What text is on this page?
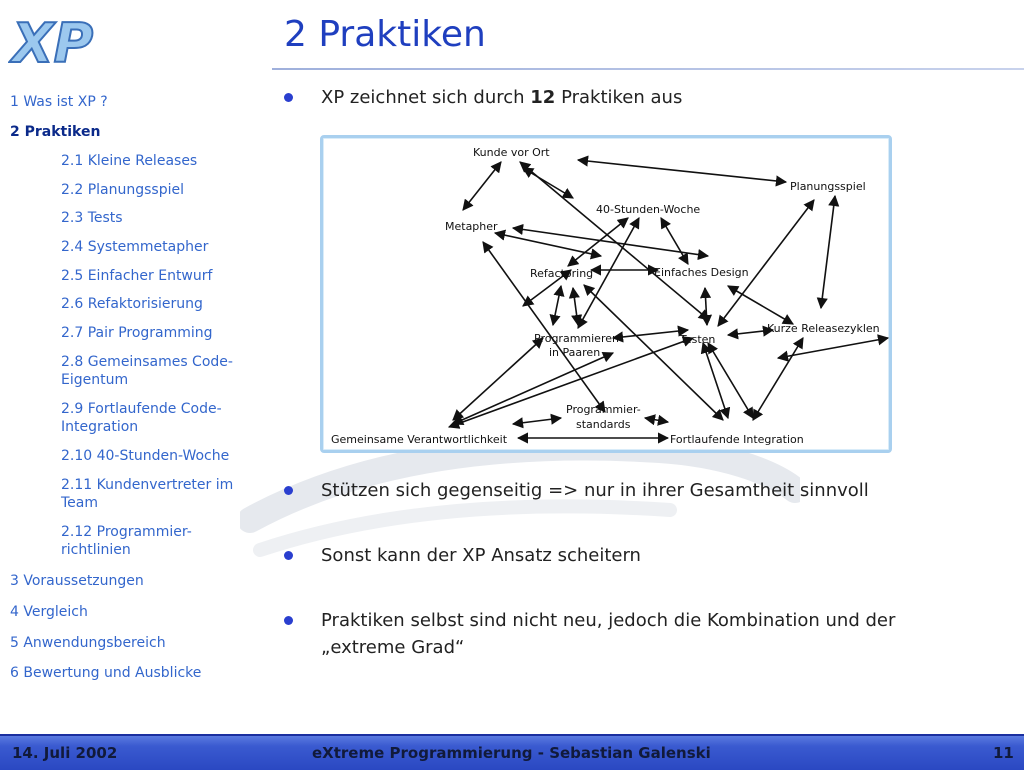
XP	2 Praktiken
1 Was ist XP ?
2 Praktiken
2.1 Kleine Releases
2.2 Planungsspiel
2.3 Tests
2.4 Systemmetapher
2.5 Einfacher Entwurf
2.6 Refaktorisierung
2.7 Pair Programming
2.8 Gemeinsames Code-Eigentum
2.9 Fortlaufende Code-Integration
2.10 40-Stunden-Woche
2.11 Kundenvertreter im Team
2.12 Programmier-richtlinien
3 Voraussetzungen
4 Vergleich
5 Anwendungsbereich
6 Bewertung und Ausblicke
XP zeichnet sich durch 12 Praktiken aus
Kunde vor Ort
Planungsspiel
40-Stunden-Woche
Metapher
Refactoring	Einfaches Design
Kurze Releasezyklen
Programmieren
in Paaren
Testen
Programmier-
standards
Gemeinsame Verantwortlichkeit	Fortlaufende Integration
Stützen sich gegenseitig => nur in ihrer Gesamtheit sinnvoll
Sonst kann der XP Ansatz scheitern
Praktiken selbst sind nicht neu, jedoch die Kombination und der „extreme Grad“
14. Juli 2002	eXtreme Programmierung - Sebastian Galenski	11
